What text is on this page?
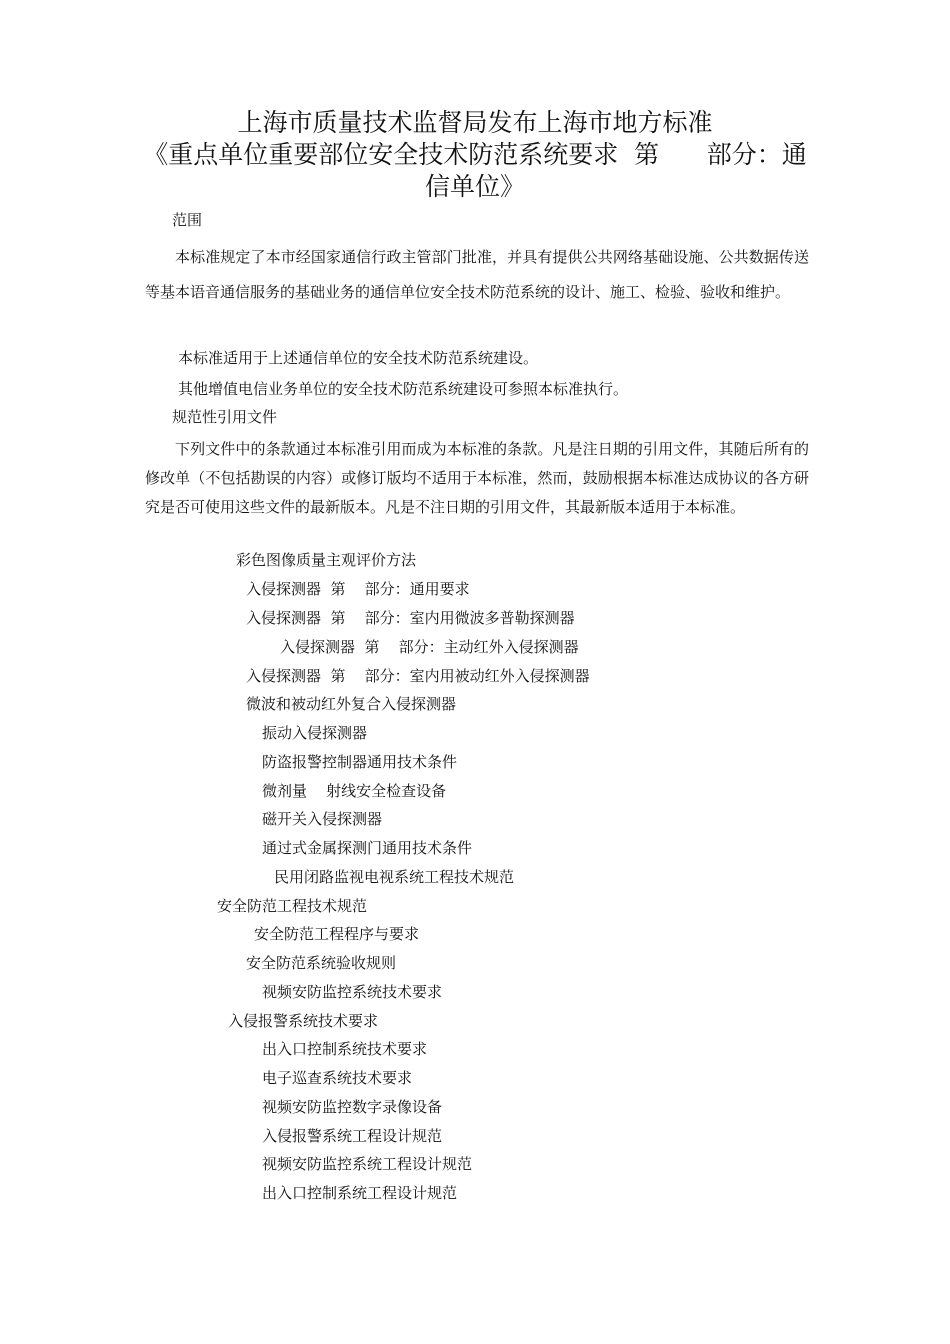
上海市质量技术监督局发布上海市地方标准
《重点单位重要部位安全技术防范系统要求  第      部分：通
信单位》
范围
本标准规定了本市经国家通信行政主管部门批准，并具有提供公共网络基础设施、公共数据传送等基本语音通信服务的基础业务的通信单位安全技术防范系统的设计、施工、检验、验收和维护。
本标准适用于上述通信单位的安全技术防范系统建设。
其他增值电信业务单位的安全技术防范系统建设可参照本标准执行。
规范性引用文件
下列文件中的条款通过本标准引用而成为本标准的条款。凡是注日期的引用文件，其随后所有的修改单（不包括勘误的内容）或修订版均不适用于本标准，然而，鼓励根据本标准达成协议的各方研究是否可使用这些文件的最新版本。凡是不注日期的引用文件，其最新版本适用于本标准。
彩色图像质量主观评价方法
入侵探测器  第    部分：通用要求
入侵探测器  第    部分：室内用微波多普勒探测器
入侵探测器  第    部分：主动红外入侵探测器
入侵探测器  第    部分：室内用被动红外入侵探测器
微波和被动红外复合入侵探测器
振动入侵探测器
防盗报警控制器通用技术条件
微剂量    射线安全检查设备
磁开关入侵探测器
通过式金属探测门通用技术条件
民用闭路监视电视系统工程技术规范
安全防范工程技术规范
安全防范工程程序与要求
安全防范系统验收规则
视频安防监控系统技术要求
入侵报警系统技术要求
出入口控制系统技术要求
电子巡查系统技术要求
视频安防监控数字录像设备
入侵报警系统工程设计规范
视频安防监控系统工程设计规范
出入口控制系统工程设计规范
